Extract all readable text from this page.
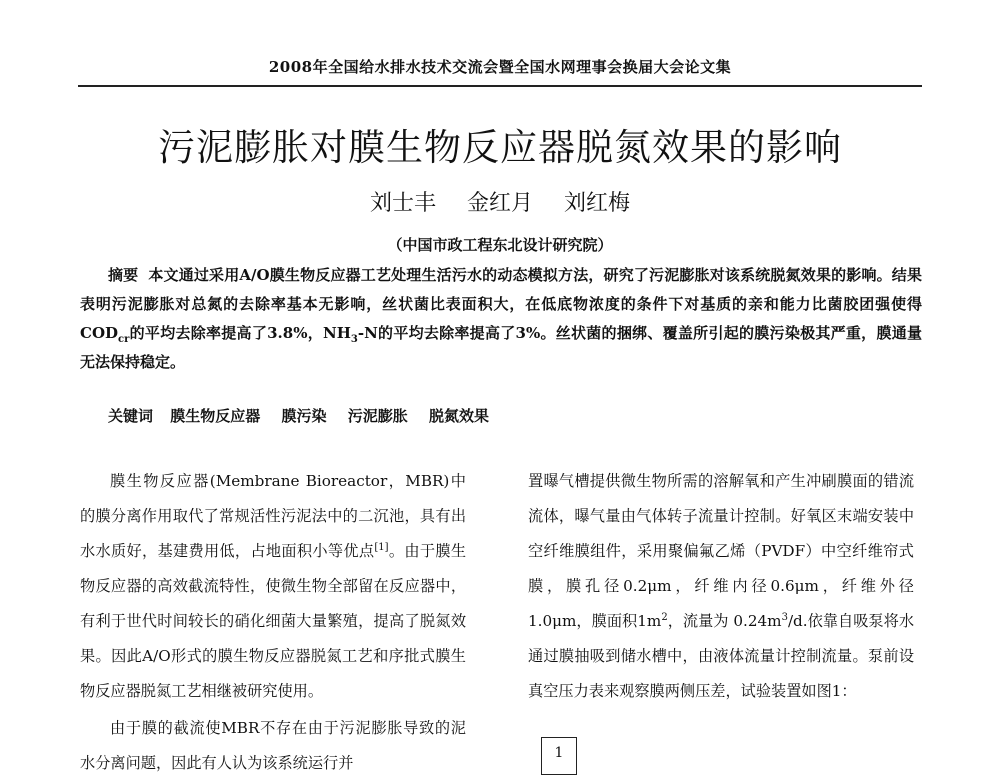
2008年全国给水排水技术交流会暨全国水网理事会换届大会论文集
污泥膨胀对膜生物反应器脱氮效果的影响
刘士丰 金红月 刘红梅
（中国市政工程东北设计研究院）
摘要 本文通过采用A/O膜生物反应器工艺处理生活污水的动态模拟方法，研究了污泥膨胀对该系统脱氮效果的影响。结果表明污泥膨胀对总氮的去除率基本无影响，丝状菌比表面积大，在低底物浓度的条件下对基质的亲和能力比菌胶团强使得$COD_{cr}$的平均去除率提高了3.8%，$NH_3-N$的平均去除率提高了3%。丝状菌的捆绑、覆盖所引起的膜污染极其严重，膜通量无法保持稳定。
关键词 膜生物反应器 膜污染 污泥膨胀 脱氮效果

膜生物反应器(Membrane Bioreactor，MBR)中的膜分离作用取代了常规活性污泥法中的二沉池，具有出水水质好，基建费用低，占地面积小等优点[1]。由于膜生物反应器的高效截流特性，使微生物全部留在反应器中，有利于世代时间较长的硝化细菌大量繁殖，提高了脱氮效果。因此A/O形式的膜生物反应器脱氮工艺和序批式膜生物反应器脱氮工艺相继被研究使用。

由于膜的截流使MBR不存在由于污泥膨胀导致的泥水分离问题，因此有人认为该系统运行并

置曝气槽提供微生物所需的溶解氧和产生冲刷膜面的错流流体，曝气量由气体转子流量计控制。好氧区末端安装中空纤维膜组件，采用聚偏氟乙烯（PVDF）中空纤维帘式膜，膜孔径0.2μm，纤维内径0.6μm，纤维外径1.0μm，膜面积$1m^2$，流量为 $0.24m^3/d$.依靠自吸泵将水通过膜抽吸到储水槽中，由液体流量计控制流量。泵前设真空压力表来观察膜两侧压差，试验装置如图1：

1
